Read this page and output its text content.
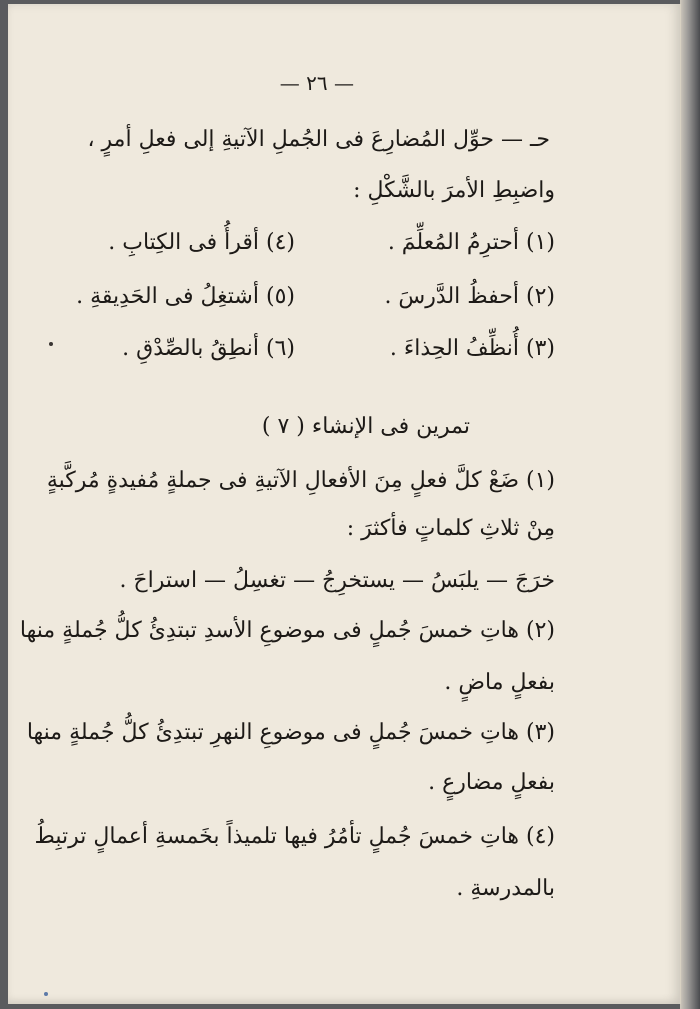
— ٢٦ —
حـ — حوِّل المُضارِعَ فى الجُملِ الآتيةِ إلى فعلِ أمرٍ ،
واضبِطِ الأمرَ بالشَّكْلِ :
(١) أحترِمُ المُعلِّمَ .
(٢) أحفظُ الدَّرسَ .
(٣) أُنظِّفُ الحِذاءَ .
(٤) أقرأُ فى الكِتابِ .
(٥) أشتغِلُ فى الحَدِيقةِ .
(٦) أنطِقُ بالصِّدْقِ .
تمرين فى الإنشاء ( ٧ )
(١) ضَعْ كلَّ فعلٍ مِنَ الأفعالِ الآتيةِ فى جملةٍ مُفيدةٍ مُركَّبةٍ
مِنْ ثلاثِ كلماتٍ فأكثرَ :
خرَجَ — يلبَسُ — يستخرِجُ — تغسِلُ — استراحَ .
(٢) هاتِ خمسَ جُملٍ فى موضوعِ الأسدِ تبتدِئُ كلُّ جُملةٍ منها
بفعلٍ ماضٍ .
(٣) هاتِ خمسَ جُملٍ فى موضوعِ النهرِ تبتدِئُ كلُّ جُملةٍ منها
بفعلٍ مضارعٍ .
(٤) هاتِ خمسَ جُملٍ تأمُرُ فيها تلميذاً بخَمسةِ أعمالٍ ترتبِطُ
بالمدرسةِ .
